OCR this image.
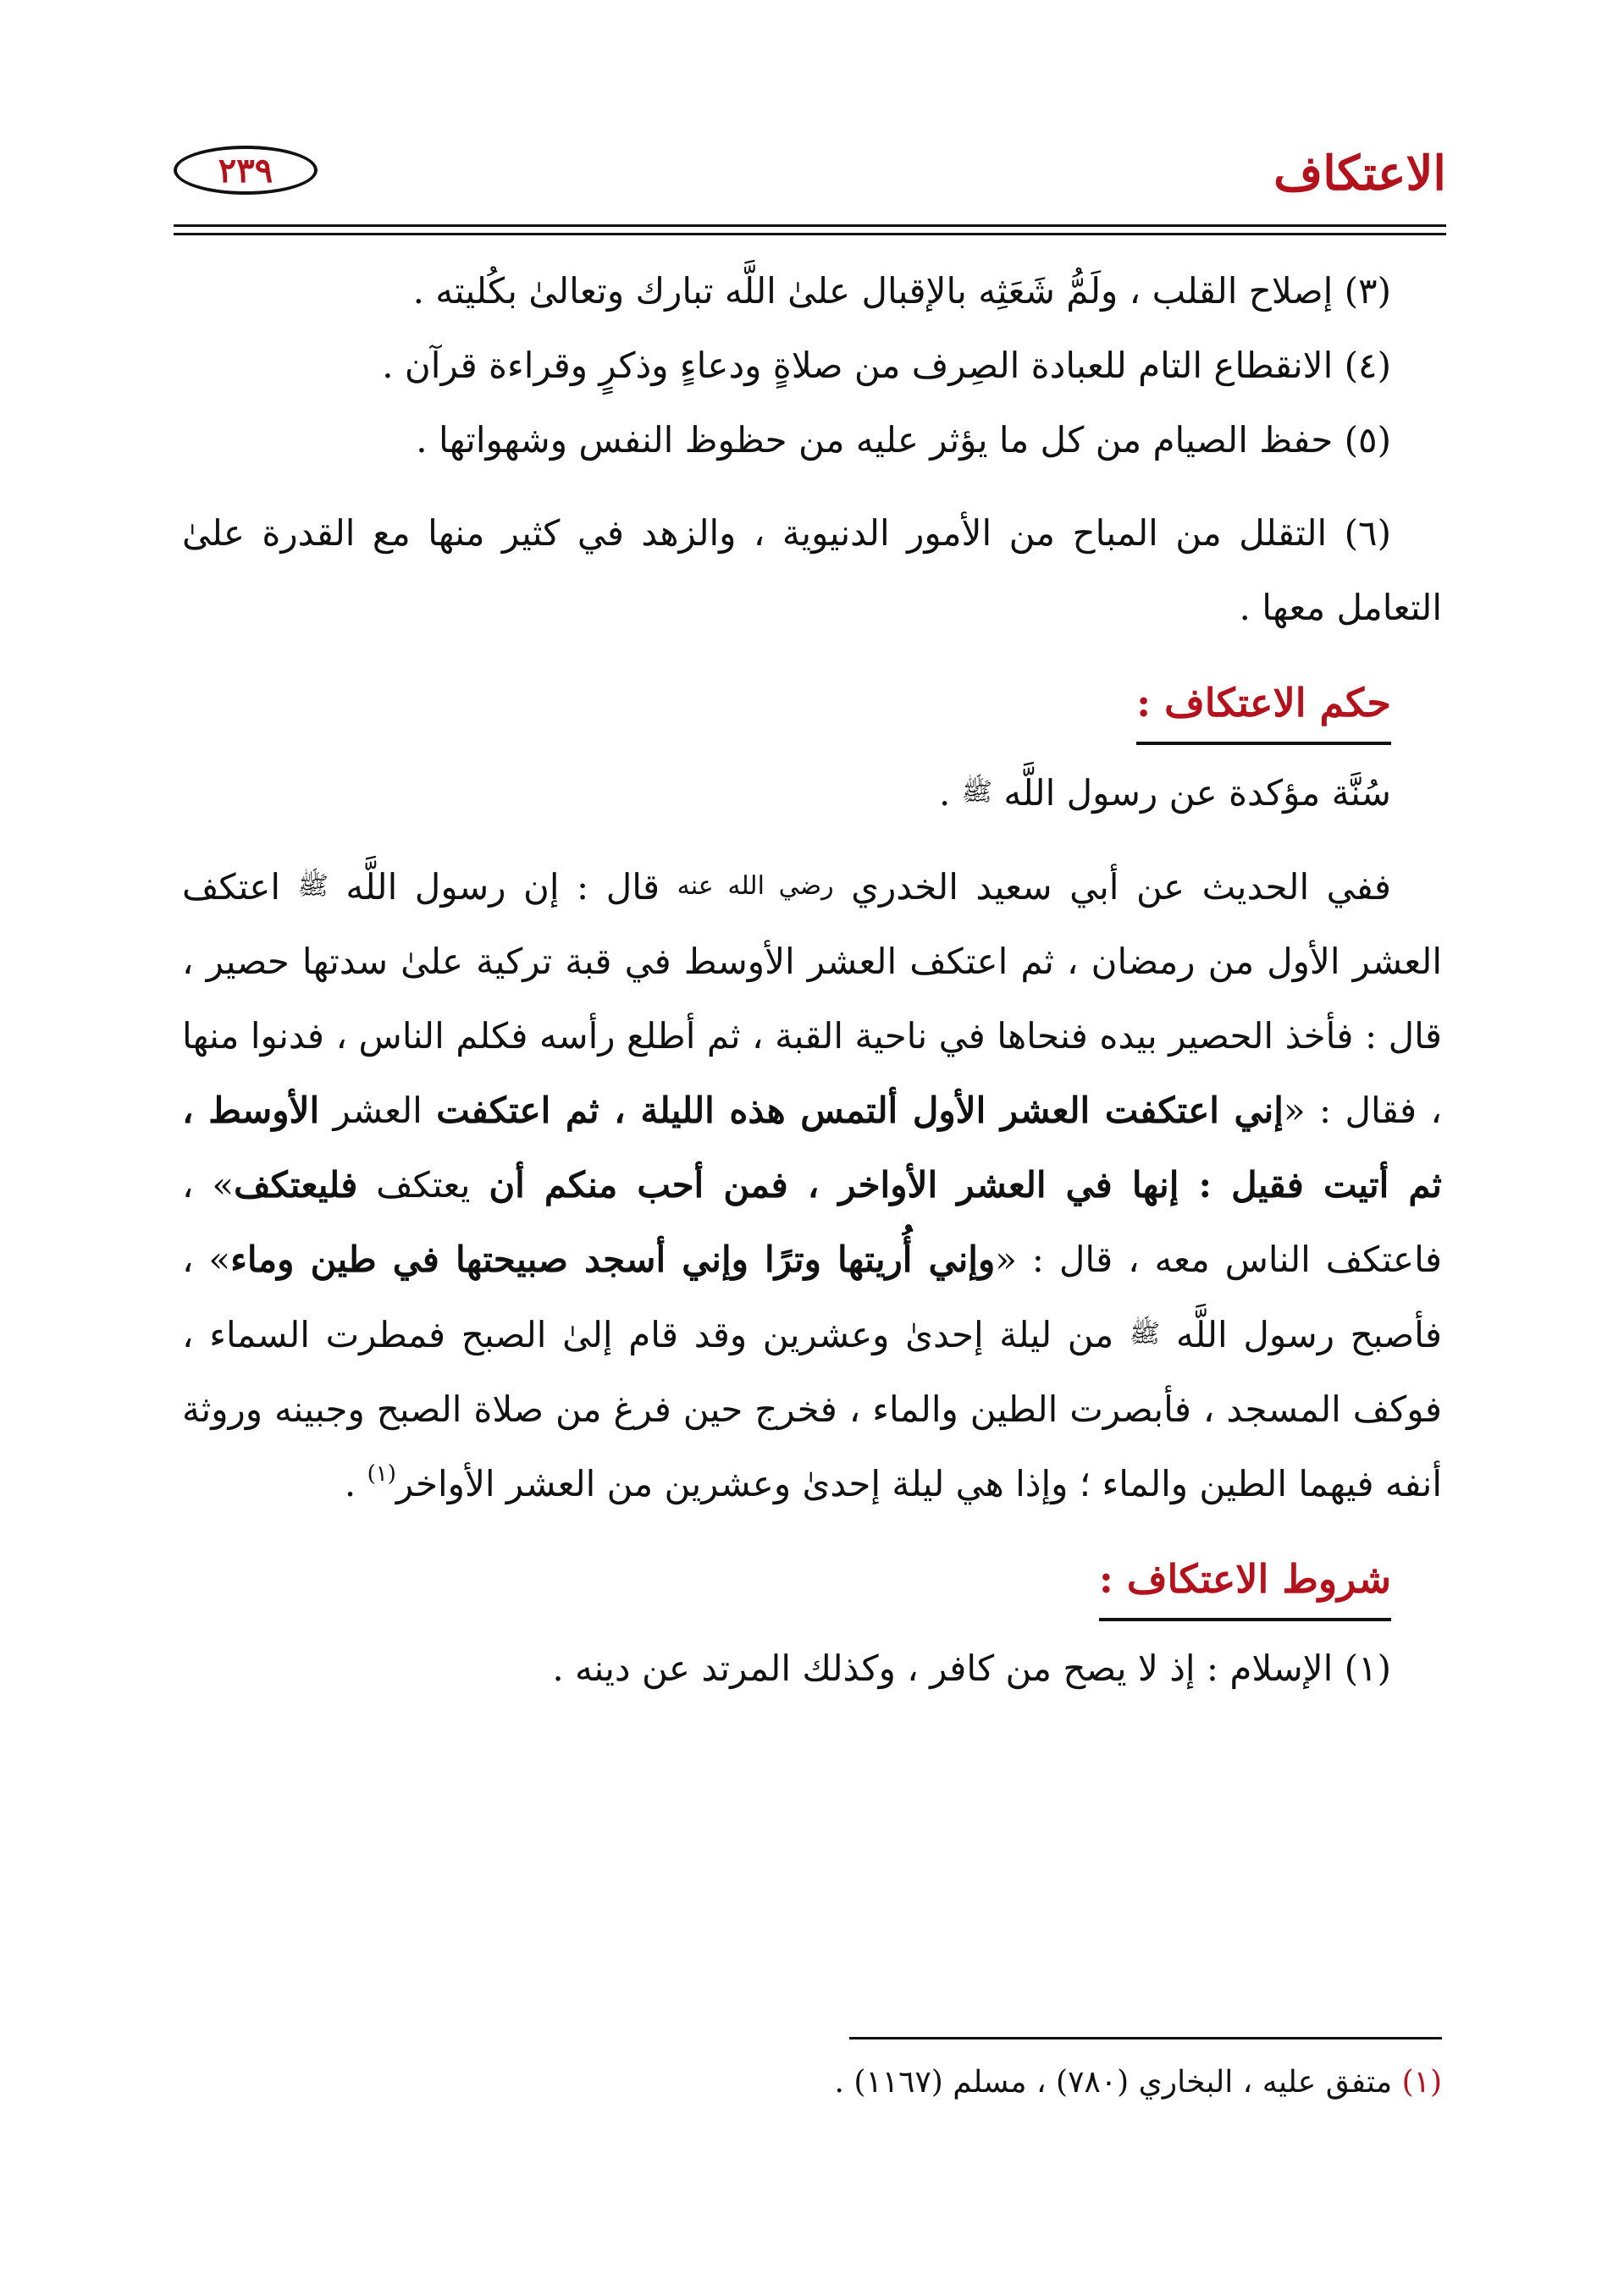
الاعتكاف
٢٣٩

(٣) إصلاح القلب ، ولَمُّ شَعَثِه بالإقبال علىٰ اللَّه تبارك وتعالىٰ بكُليته .

(٤) الانقطاع التام للعبادة الصِرف من صلاةٍ ودعاءٍ وذكرٍ وقراءة قرآن .

(٥) حفظ الصيام من كل ما يؤثر عليه من حظوظ النفس وشهواتها .

(٦) التقلل من المباح من الأمور الدنيوية ، والزهد في كثير منها مع القدرة علىٰ التعامل معها .

حكم الاعتكاف :

سُنَّة مؤكدة عن رسول اللَّه ﷺ .

ففي الحديث عن أبي سعيد الخدري رضي الله عنه قال : إن رسول اللَّه ﷺ اعتكف العشر الأول من رمضان ، ثم اعتكف العشر الأوسط في قبة تركية علىٰ سدتها حصير ، قال : فأخذ الحصير بيده فنحاها في ناحية القبة ، ثم أطلع رأسه فكلم الناس ، فدنوا منها ، فقال : «إني اعتكفت العشر الأول ألتمس هذه الليلة ، ثم اعتكفت العشر الأوسط ، ثم أتيت فقيل : إنها في العشر الأواخر ، فمن أحب منكم أن يعتكف فليعتكف» ، فاعتكف الناس معه ، قال : «وإني أُريتها وترًا وإني أسجد صبيحتها في طين وماء» ، فأصبح رسول اللَّه ﷺ من ليلة إحدىٰ وعشرين وقد قام إلىٰ الصبح فمطرت السماء ، فوكف المسجد ، فأبصرت الطين والماء ، فخرج حين فرغ من صلاة الصبح وجبينه وروثة أنفه فيهما الطين والماء ؛ وإذا هي ليلة إحدىٰ وعشرين من العشر الأواخر$^{(١)}$ .

شروط الاعتكاف :

(١) الإسلام : إذ لا يصح من كافر ، وكذلك المرتد عن دينه .

(١) متفق عليه ، البخاري (٧٨٠) ، مسلم (١١٦٧) .
